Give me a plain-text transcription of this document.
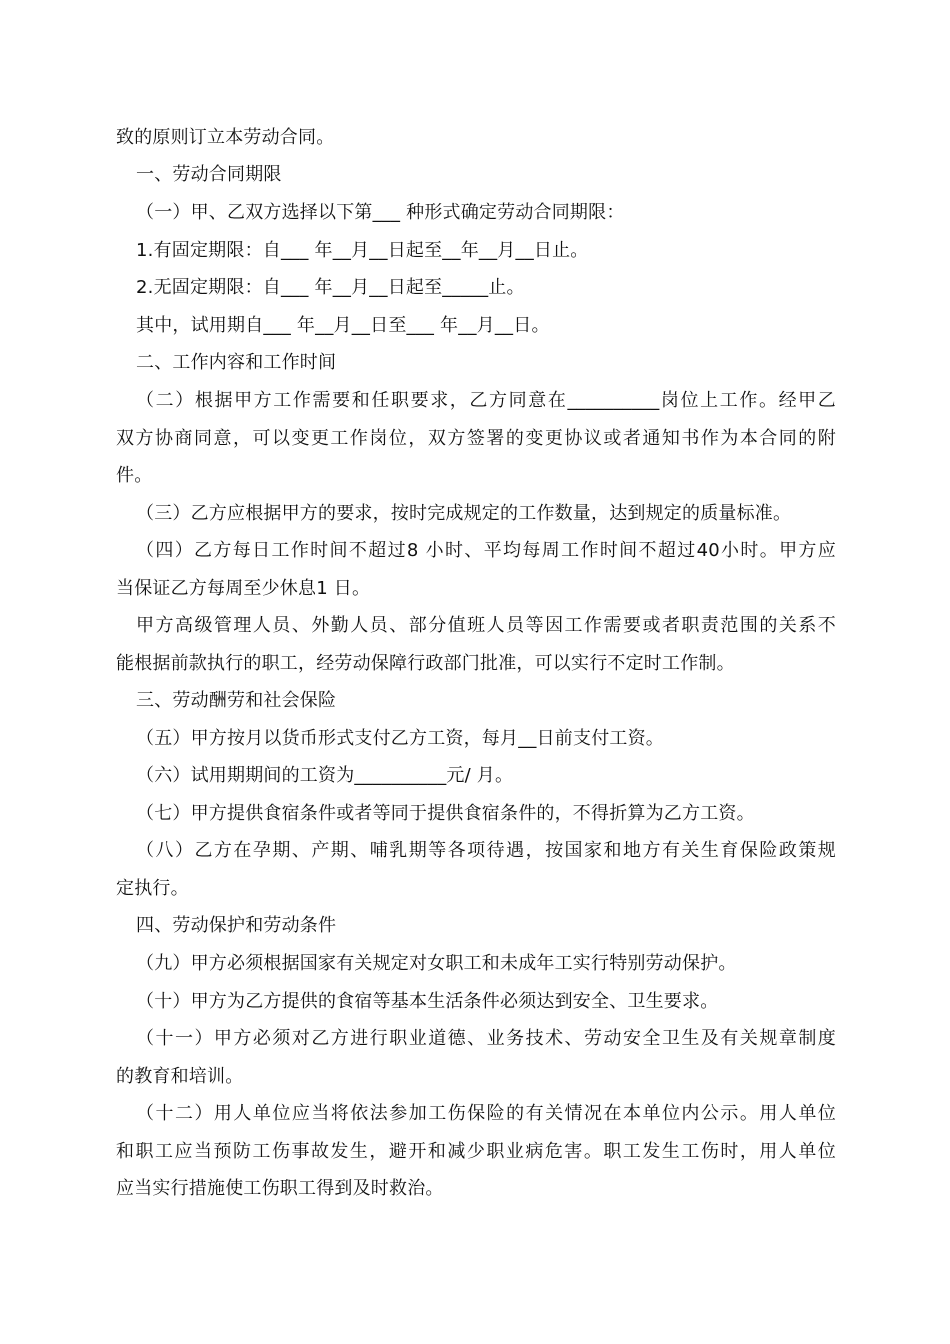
致的原则订立本劳动合同。
一、劳动合同期限
（一）甲、乙双方选择以下第___ 种形式确定劳动合同期限：
1.有固定期限：自___ 年__月__日起至__年__月__日止。
2.无固定期限：自___ 年__月__日起至_____止。
其中，试用期自___ 年__月__日至___ 年__月__日。
二、工作内容和工作时间
（二）根据甲方工作需要和任职要求，乙方同意在__________岗位上工作。经甲乙
双方协商同意，可以变更工作岗位，双方签署的变更协议或者通知书作为本合同的附
件。
（三）乙方应根据甲方的要求，按时完成规定的工作数量，达到规定的质量标准。
（四）乙方每日工作时间不超过8 小时、平均每周工作时间不超过40小时。甲方应
当保证乙方每周至少休息1 日。
甲方高级管理人员、外勤人员、部分值班人员等因工作需要或者职责范围的关系不
能根据前款执行的职工，经劳动保障行政部门批准，可以实行不定时工作制。
三、劳动酬劳和社会保险
（五）甲方按月以货币形式支付乙方工资，每月__日前支付工资。
（六）试用期期间的工资为__________元/ 月。
（七）甲方提供食宿条件或者等同于提供食宿条件的，不得折算为乙方工资。
（八）乙方在孕期、产期、哺乳期等各项待遇，按国家和地方有关生育保险政策规
定执行。
四、劳动保护和劳动条件
（九）甲方必须根据国家有关规定对女职工和未成年工实行特别劳动保护。
（十）甲方为乙方提供的食宿等基本生活条件必须达到安全、卫生要求。
（十一）甲方必须对乙方进行职业道德、业务技术、劳动安全卫生及有关规章制度
的教育和培训。
（十二）用人单位应当将依法参加工伤保险的有关情况在本单位内公示。用人单位
和职工应当预防工伤事故发生，避开和减少职业病危害。职工发生工伤时，用人单位
应当实行措施使工伤职工得到及时救治。
